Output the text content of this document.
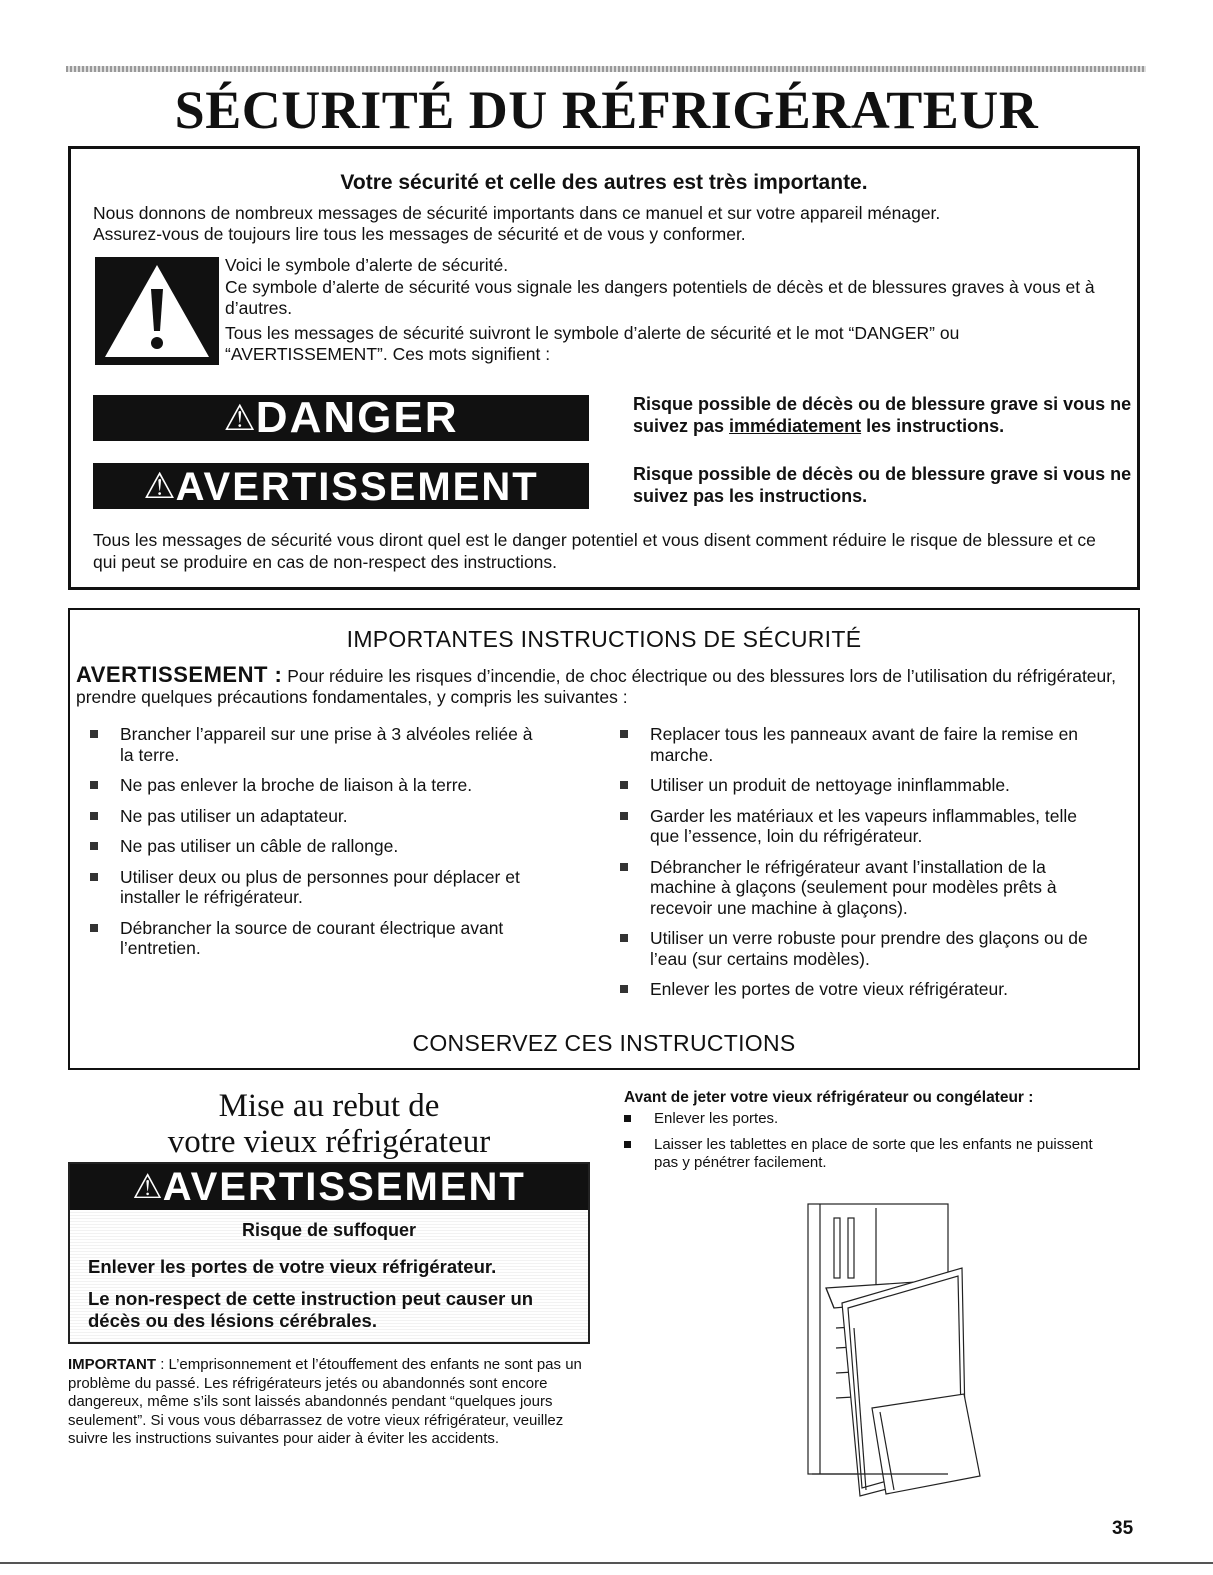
SÉCURITÉ DU RÉFRIGÉRATEUR
Votre sécurité et celle des autres est très importante.
Nous donnons de nombreux messages de sécurité importants dans ce manuel et sur votre appareil ménager.
Assurez-vous de toujours lire tous les messages de sécurité et de vous y conformer.

Voici le symbole d’alerte de sécurité.

Ce symbole d’alerte de sécurité vous signale les dangers potentiels de décès et de blessures graves à vous et à d’autres.

Tous les messages de sécurité suivront le symbole d’alerte de sécurité et le mot “DANGER” ou “AVERTISSEMENT”. Ces mots signifient :

⚠DANGER	Risque possible de décès ou de blessure grave si vous ne suivez pas immédiatement les instructions.
⚠AVERTISSEMENT	Risque possible de décès ou de blessure grave si vous ne suivez pas les instructions.
Tous les messages de sécurité vous diront quel est le danger potentiel et vous disent comment réduire le risque de blessure et ce qui peut se produire en cas de non-respect des instructions.
IMPORTANTES INSTRUCTIONS DE SÉCURITÉ
AVERTISSEMENT : Pour réduire les risques d’incendie, de choc électrique ou des blessures lors de l’utilisation du réfrigérateur, prendre quelques précautions fondamentales, y compris les suivantes :
Brancher l’appareil sur une prise à 3 alvéoles reliée à la terre.
Ne pas enlever la broche de liaison à la terre.
Ne pas utiliser un adaptateur.
Ne pas utiliser un câble de rallonge.
Utiliser deux ou plus de personnes pour déplacer et installer le réfrigérateur.
Débrancher la source de courant électrique avant l’entretien.
Replacer tous les panneaux avant de faire la remise en marche.
Utiliser un produit de nettoyage ininflammable.
Garder les matériaux et les vapeurs inflammables, telle que l’essence, loin du réfrigérateur.
Débrancher le réfrigérateur avant l’installation de la machine à glaçons (seulement pour modèles prêts à recevoir une machine à glaçons).
Utiliser un verre robuste pour prendre des glaçons ou de l’eau (sur certains modèles).
Enlever les portes de votre vieux réfrigérateur.
CONSERVEZ CES INSTRUCTIONS
Mise au rebut de
votre vieux réfrigérateur
⚠AVERTISSEMENT
Risque de suffoquer
Enlever les portes de votre vieux réfrigérateur.
Le non-respect de cette instruction peut causer un décès ou des lésions cérébrales.
IMPORTANT : L’emprisonnement et l’étouffement des enfants ne sont pas un problème du passé. Les réfrigérateurs jetés ou abandonnés sont encore dangereux, même s’ils sont laissés abandonnés pendant “quelques jours seulement”. Si vous vous débarrassez de votre vieux réfrigérateur, veuillez suivre les instructions suivantes pour aider à éviter les accidents.
Avant de jeter votre vieux réfrigérateur ou congélateur :
Enlever les portes.
Laisser les tablettes en place de sorte que les enfants ne puissent pas y pénétrer facilement.
35
